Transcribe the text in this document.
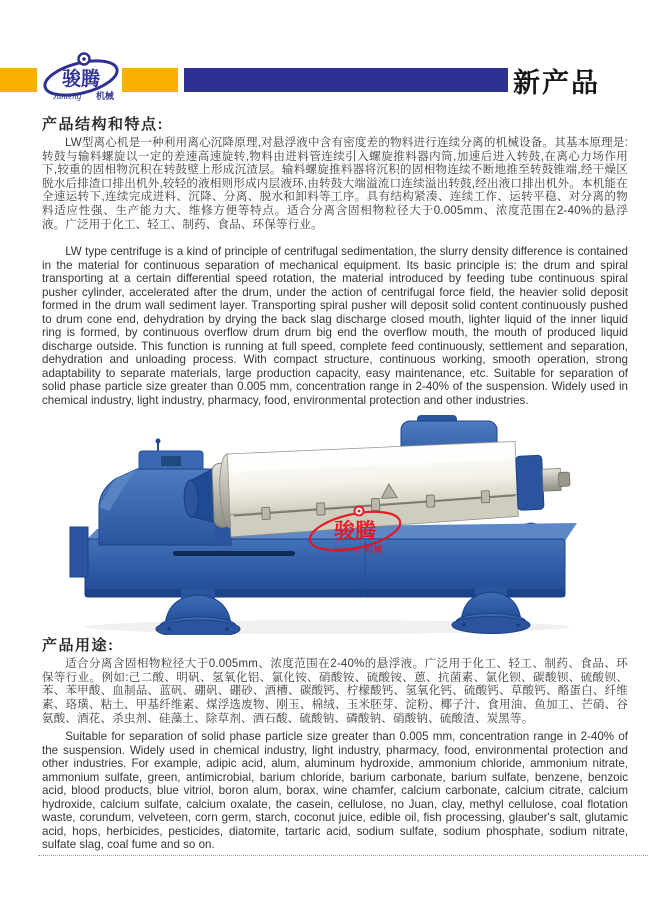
骏腾
Junteng 机械	新产品
产品结构和特点:

LW型离心机是一种利用离心沉降原理,对悬浮液中含有密度差的物料进行连续分离的机械设备。其基本原理是:转鼓与输料螺旋以一定的差速高速旋转,物料由进料管连续引入螺旋推料器内筒,加速后进入转鼓,在离心力场作用下,较重的固相物沉积在转鼓壁上形成沉渣层。输料螺旋推料器将沉积的固相物连续不断地推至转鼓锥端,经干燥区脱水后排渣口排出机外,较轻的液相则形成内层液环,由转鼓大端溢流口连续溢出转鼓,经出液口排出机外。本机能在全速运转下,连续完成进料、沉降、分离、脱水和卸料等工序。具有结构紧凑、连续工作、运转平稳、对分离的物料适应性强、生产能力大、维修方便等特点。适合分离含固相物粒径大于0.005mm、浓度范围在2-40%的悬浮液。广泛用于化工、轻工、制药、食品、环保等行业。

LW type centrifuge is a kind of principle of centrifugal sedimentation, the slurry density difference is contained in the material for continuous separation of mechanical equipment. Its basic principle is: the drum and spiral transporting at a certain differential speed rotation, the material introduced by feeding tube continuous spiral pusher cylinder, accelerated after the drum, under the action of centrifugal force field, the heavier solid deposit formed in the drum wall sediment layer. Transporting spiral pusher will deposit solid content continuously pushed to drum cone end, dehydration by drying the back slag discharge closed mouth, lighter liquid of the inner liquid ring is formed, by continuous overflow drum drum big end the overflow mouth, the mouth of produced liquid discharge outside. This function is running at full speed, complete feed continuously, settlement and separation, dehydration and unloading process. With compact structure, continuous working, smooth operation, strong adaptability to separate materials, large production capacity, easy maintenance, etc. Suitable for separation of solid phase particle size greater than 0.005 mm, concentration range in 2-40% of the suspension. Widely used in chemical industry, light industry, pharmacy, food, environmental protection and other industries.

骏腾
Junteng 机械
产品用途:

适合分离含固相物粒径大于0.005mm、浓度范围在2-40%的悬浮液。广泛用于化工、轻工、制药、食品、环保等行业。例如:己二酸、明矾、氢氧化铝、氯化铵、硝酸铵、硫酸铵、蒽、抗菌素、氯化钡、碳酸钡、硫酸钡、苯、苯甲酸、血制品、蓝矾、硼矾、硼砂、酒槽、碳酸钙、柠檬酸钙、氢氧化钙、硫酸钙、草酸钙、酪蛋白、纤维素、珞璜、粘土、甲基纤维素、煤浮选废物、刚玉、棉绒、玉米胚芽、淀粉、椰子汁、食用油、鱼加工、芒硝、谷氨酸、酒花、杀虫剂、硅藻土、除草剂、酒石酸、硫酸钠、磷酸钠、硝酸钠、硫酸渣、炭黑等。

Suitable for separation of solid phase particle size greater than 0.005 mm, concentration range in 2-40% of the suspension. Widely used in chemical industry, light industry, pharmacy, food, environmental protection and other industries. For example, adipic acid, alum, aluminum hydroxide, ammonium chloride, ammonium nitrate, ammonium sulfate, green, antimicrobial, barium chloride, barium carbonate, barium sulfate, benzene, benzoic acid, blood products, blue vitriol, boron alum, borax, wine chamfer, calcium carbonate, calcium citrate, calcium hydroxide, calcium sulfate, calcium oxalate, the casein, cellulose, no Juan, clay, methyl cellulose, coal flotation waste, corundum, velveteen, corn germ, starch, coconut juice, edible oil, fish processing, glauber's salt, glutamic acid, hops, herbicides, pesticides, diatomite, tartaric acid, sodium sulfate, sodium phosphate, sodium nitrate, sulfate slag, coal fume and so on.
